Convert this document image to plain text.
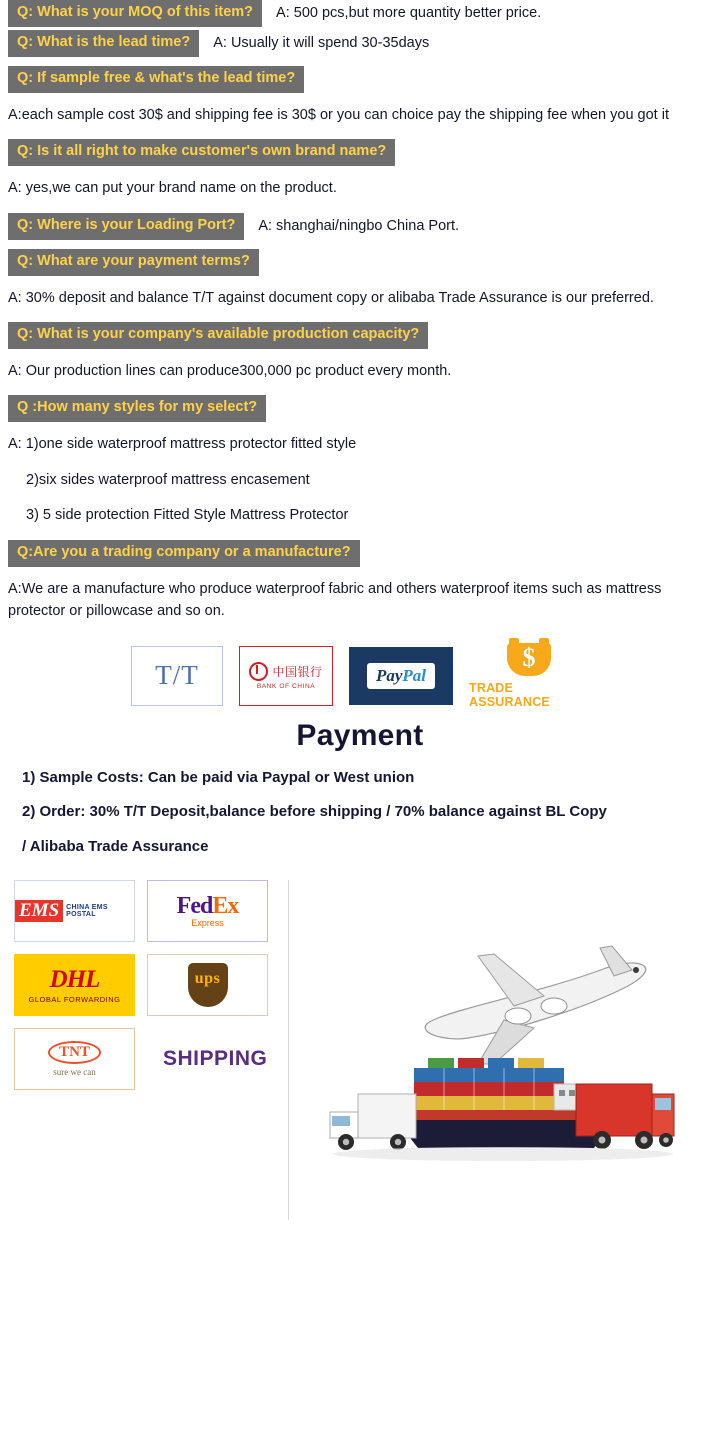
Q: What is your MOQ of this item?	A: 500 pcs,but more quantity better price.
Q: What is the lead time?	A: Usually it will spend 30-35days
Q: If sample free & what's the lead time?
A:each sample cost 30$ and shipping fee is 30$ or you can choice pay the shipping fee when you got it
Q: Is it all right to make customer's own brand name?
A: yes,we can put your brand name on the product.
Q: Where is your Loading Port?	A: shanghai/ningbo China Port.
Q: What are your payment terms?
A: 30% deposit and balance T/T against document copy or alibaba Trade Assurance is our preferred.
Q: What is your company's available production capacity?
A: Our production lines can produce300,000 pc product every month.
Q :How many styles for my select?
A: 1)one side waterproof mattress protector fitted style
2)six sides waterproof mattress encasement
3) 5 side protection Fitted Style Mattress Protector
Q:Are you a trading company or a manufacture?
A:We are a manufacture who produce waterproof fabric and others waterproof items such as mattress protector or pillowcase and so on.
T/T	中国银行
BANK OF CHINA
PayPal
$
TRADE ASSURANCE
Payment
1) Sample Costs: Can be paid via Paypal or West union
2) Order: 30% T/T Deposit,balance before shipping / 70% balance against BL Copy
/ Alibaba Trade Assurance
EMS	CHINA EMS POSTAL	FedEx
Express
DHL
GLOBAL FORWARDING
ups
TNT
sure we can
SHIPPING
